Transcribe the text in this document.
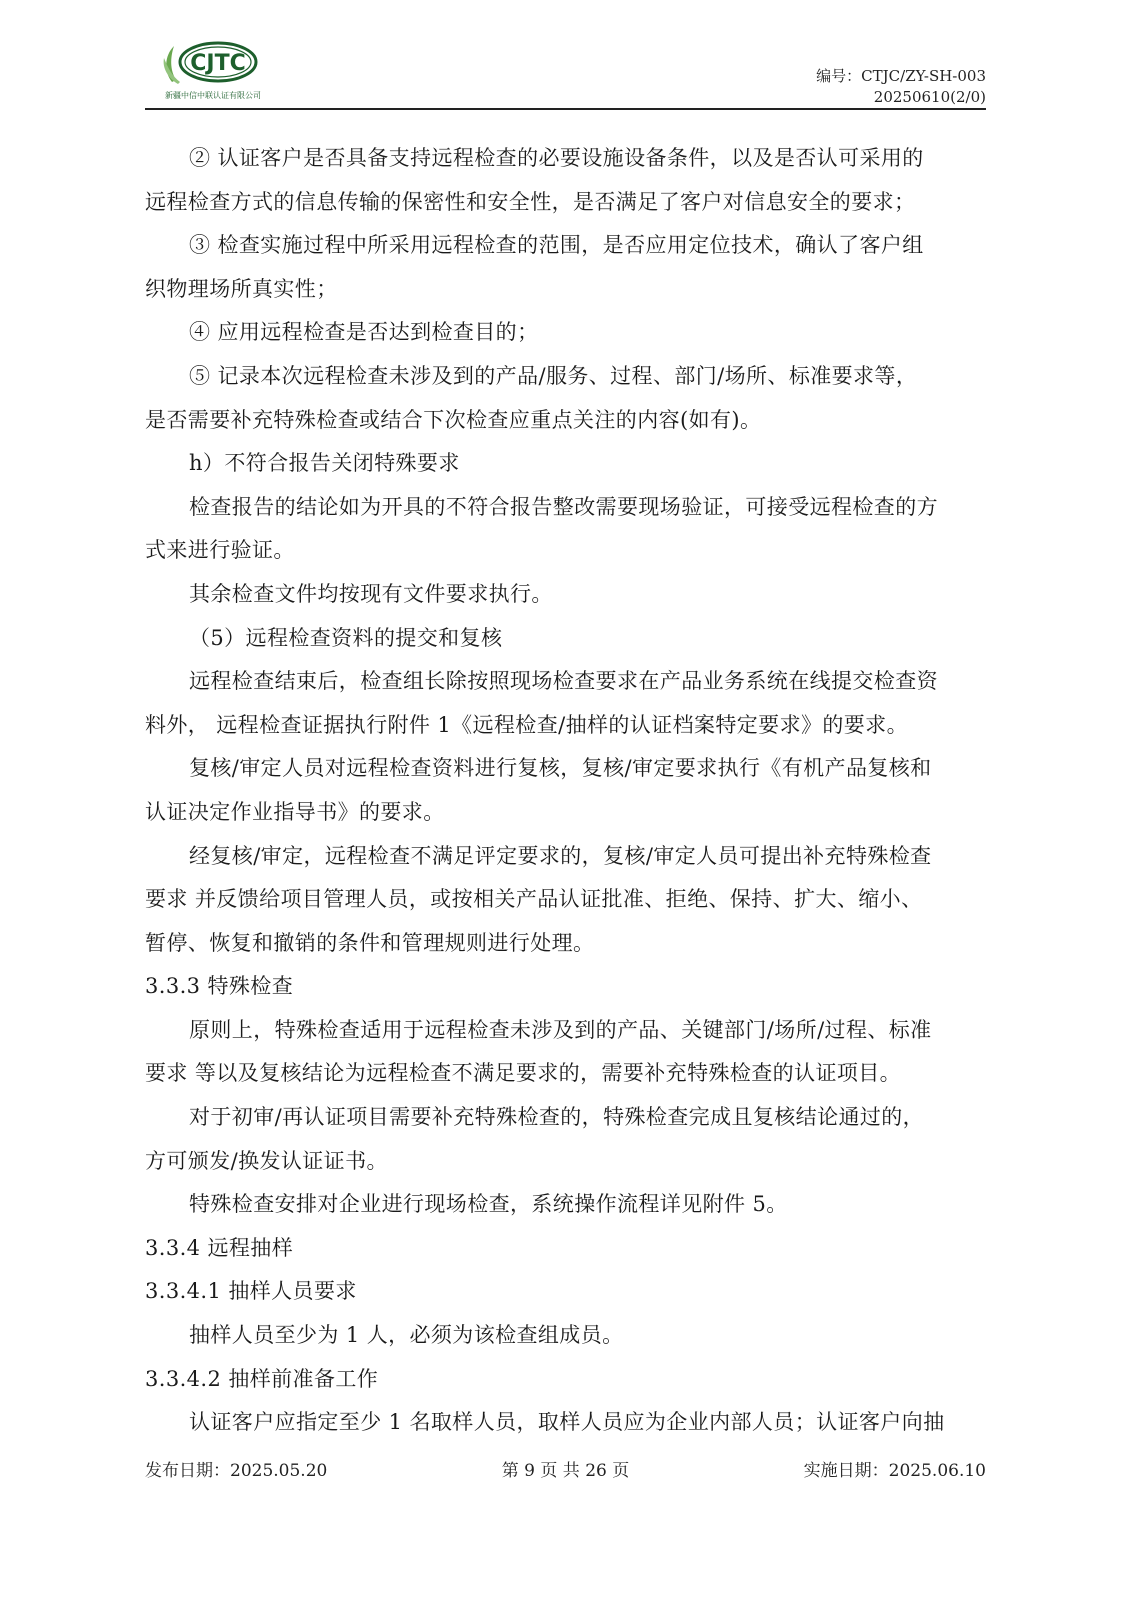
CJTC
新疆中信中联认证有限公司
编号：CTJC/ZY-SH-003
20250610(2/0)

② 认证客户是否具备支持远程检查的必要设施设备条件，以及是否认可采用的

远程检查方式的信息传输的保密性和安全性，是否满足了客户对信息安全的要求；

③ 检查实施过程中所采用远程检查的范围，是否应用定位技术，确认了客户组

织物理场所真实性；

④ 应用远程检查是否达到检查目的；

⑤ 记录本次远程检查未涉及到的产品/服务、过程、部门/场所、标准要求等，

是否需要补充特殊检查或结合下次检查应重点关注的内容(如有)。

h）不符合报告关闭特殊要求

检查报告的结论如为开具的不符合报告整改需要现场验证，可接受远程检查的方

式来进行验证。

其余检查文件均按现有文件要求执行。

（5）远程检查资料的提交和复核

远程检查结束后，检查组长除按照现场检查要求在产品业务系统在线提交检查资

料外， 远程检查证据执行附件 1《远程检查/抽样的认证档案特定要求》的要求。

复核/审定人员对远程检查资料进行复核，复核/审定要求执行《有机产品复核和

认证决定作业指导书》的要求。

经复核/审定，远程检查不满足评定要求的，复核/审定人员可提出补充特殊检查

要求 并反馈给项目管理人员，或按相关产品认证批准、拒绝、保持、扩大、缩小、

暂停、恢复和撤销的条件和管理规则进行处理。

3.3.3 特殊检查

原则上，特殊检查适用于远程检查未涉及到的产品、关键部门/场所/过程、标准

要求 等以及复核结论为远程检查不满足要求的，需要补充特殊检查的认证项目。

对于初审/再认证项目需要补充特殊检查的，特殊检查完成且复核结论通过的，

方可颁发/换发认证证书。

特殊检查安排对企业进行现场检查，系统操作流程详见附件 5。

3.3.4 远程抽样

3.3.4.1 抽样人员要求

抽样人员至少为 1 人，必须为该检查组成员。

3.3.4.2 抽样前准备工作

认证客户应指定至少 1 名取样人员，取样人员应为企业内部人员；认证客户向抽

发布日期：2025.05.20	第 9 页 共 26 页	实施日期：2025.06.10
